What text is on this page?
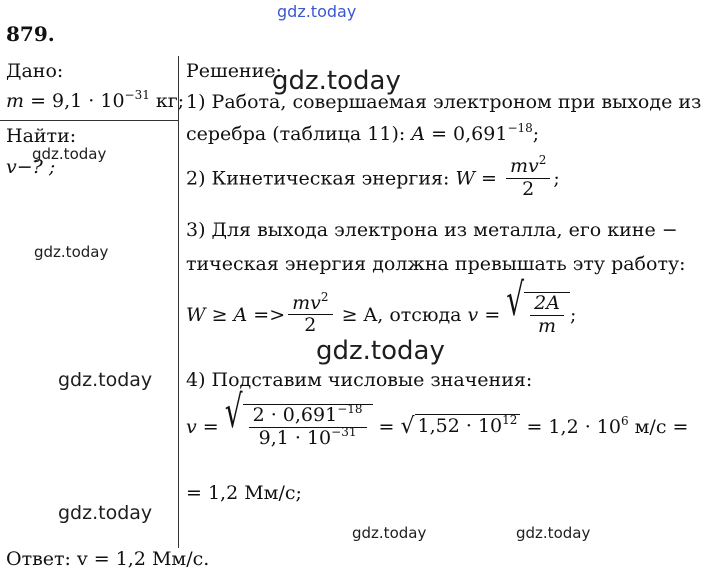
gdz.today
gdz.today
gdz.today
gdz.today
gdz.today
gdz.today
gdz.today
gdz.today	gdz.today
879.
Дано:
$m = 9,1 \cdot 10^{-31}$ кг;
Найти:
v−? ;
Решение:
1) Работа, совершаемая электроном при выходе из
серебра (таблица 11): $A = 0,691^{-18}$;
2) Кинетическая энергия: $W = \frac{mv^2}{2}$ ;
3) Для выхода электрона из металла, его кине −
тическая энергия должна превышать эту работу:
$W \ge A => \frac{mv^2}{2} \ge A$, отсюда v = √ $\frac{2A}{m}$ ;
4) Подставим числовые значения:
v = √ $\frac{2 \cdot 0,691^{-18}}{9,1 \cdot 10^{-31}}$ = √ $1,52 \cdot 10^{12} = 1,2 \cdot 10^6$ м/с =
= 1,2 Мм/с;
Ответ: v = 1,2 Мм/с.
